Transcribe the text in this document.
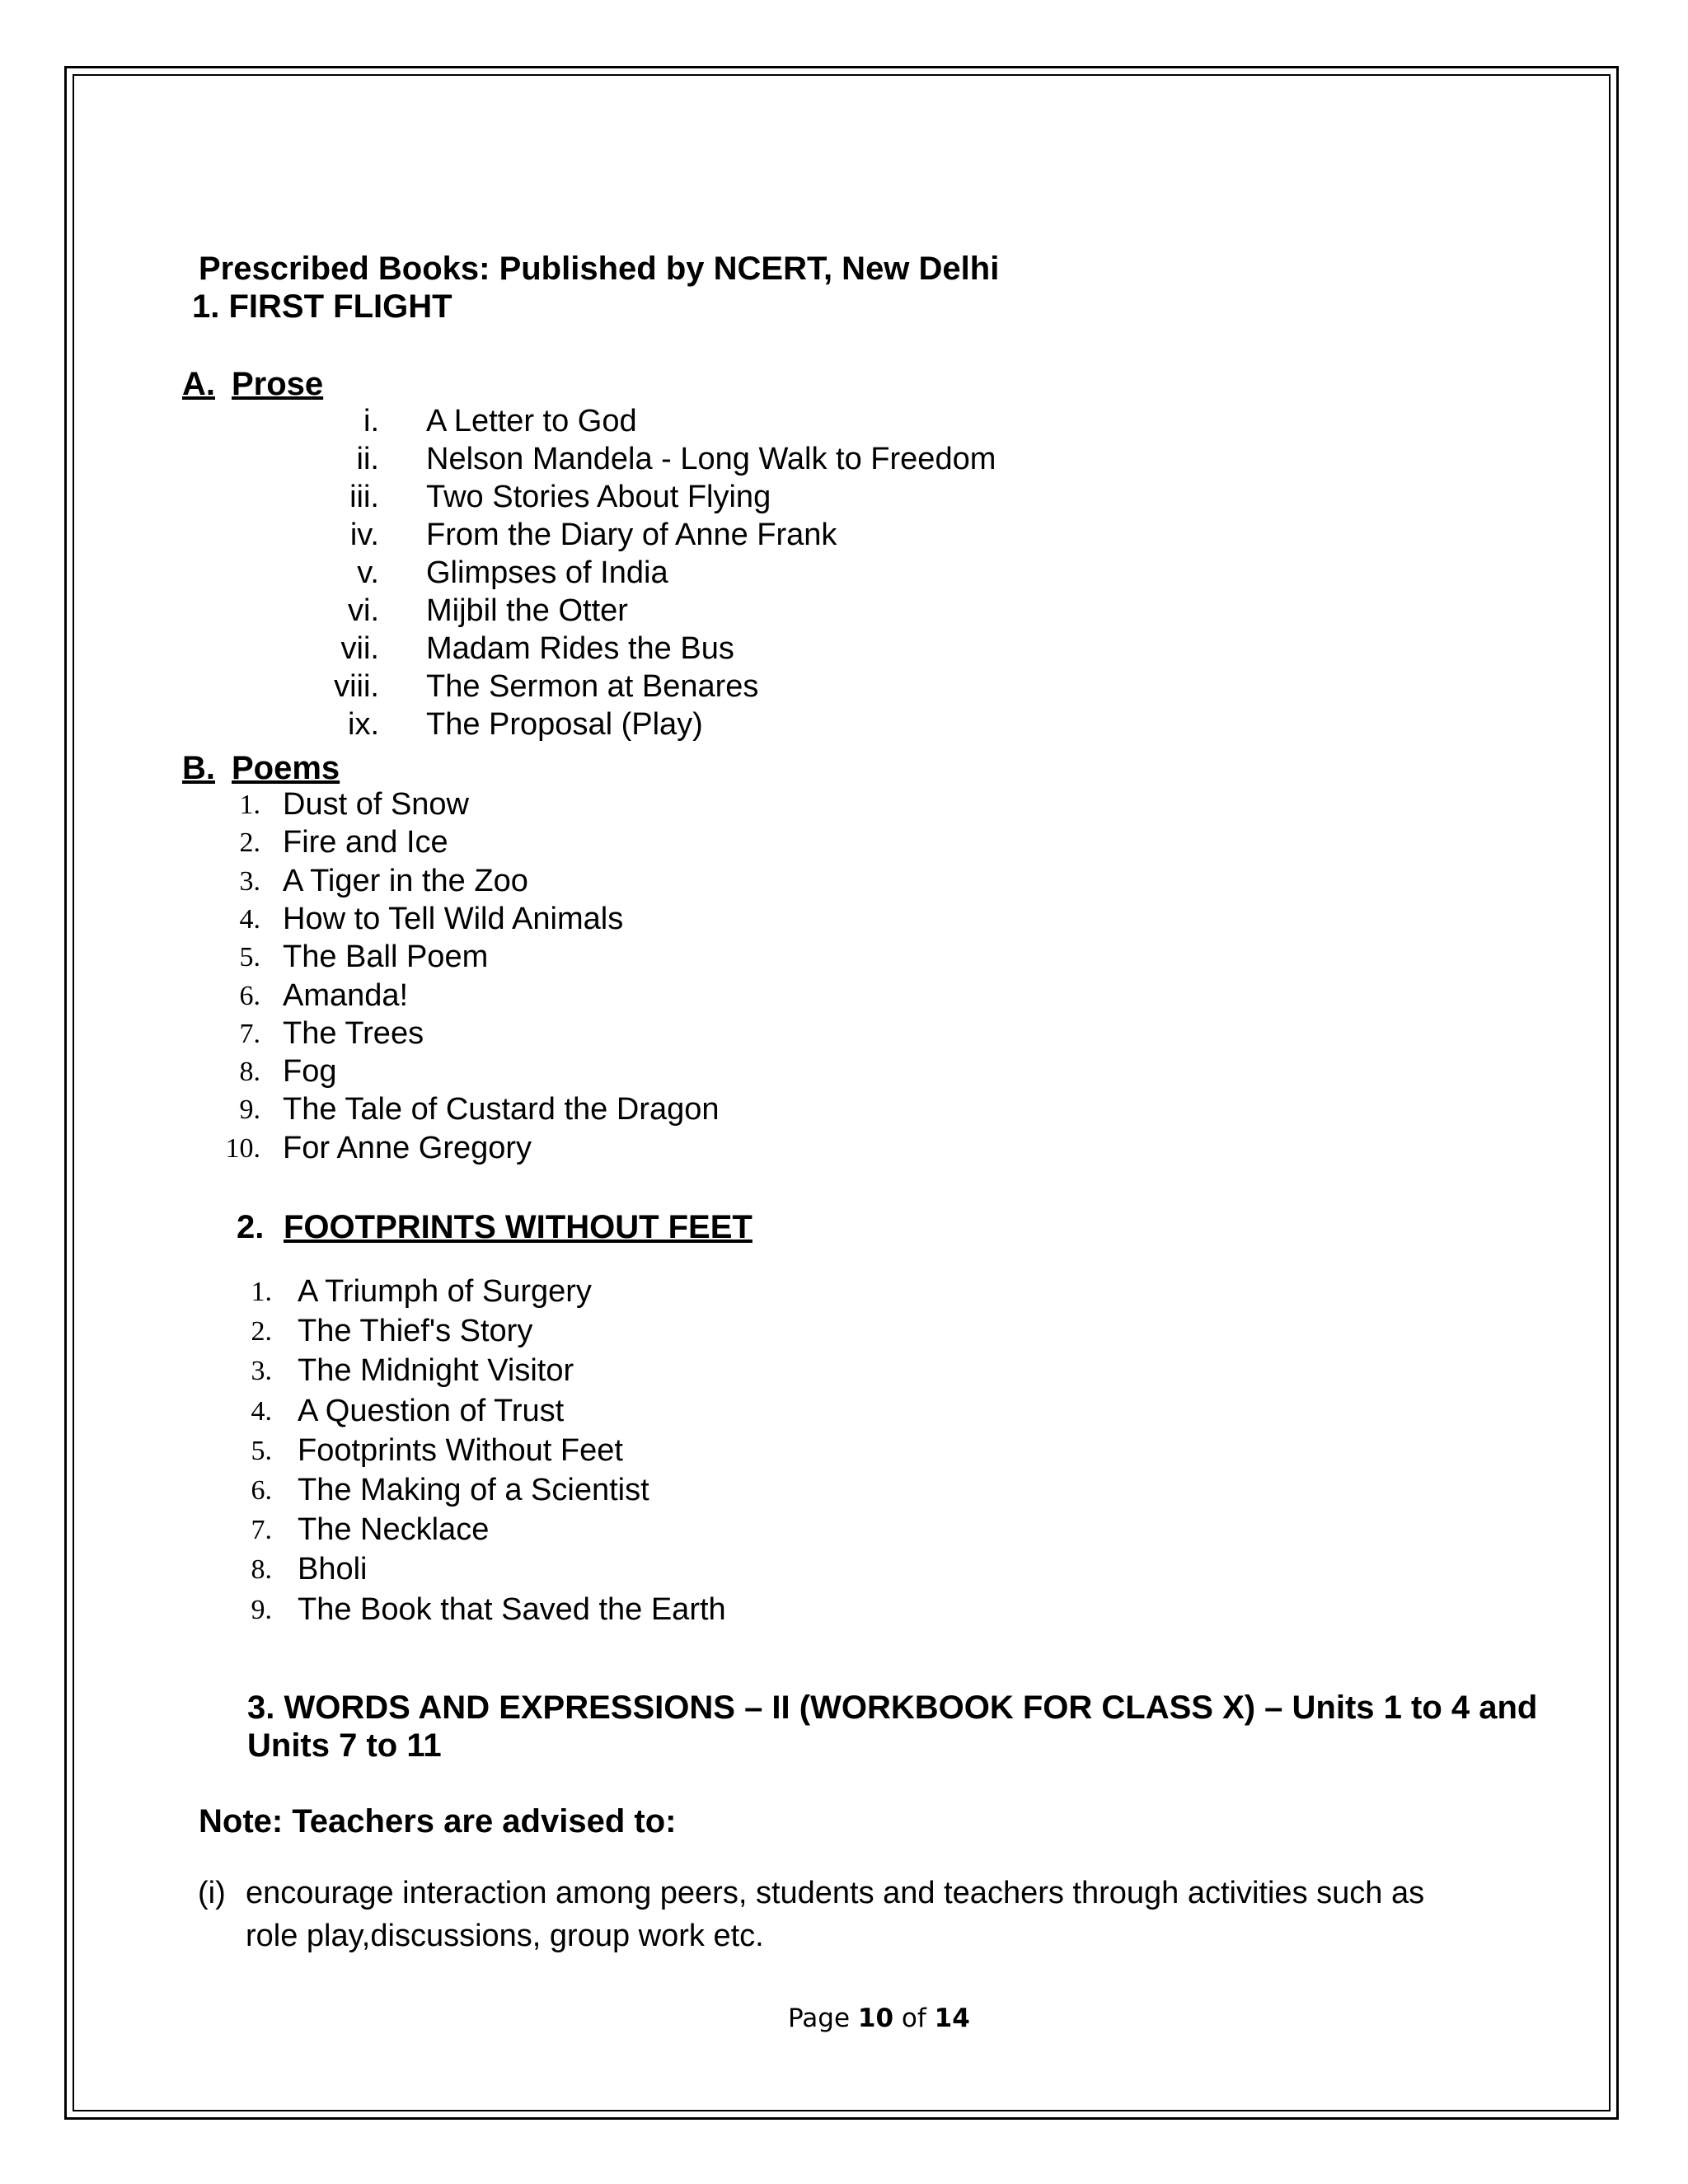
Prescribed Books: Published by NCERT, New Delhi
1. FIRST FLIGHT
A. Prose
i. A Letter to God
ii. Nelson Mandela - Long Walk to Freedom
iii. Two Stories About Flying
iv. From the Diary of Anne Frank
v. Glimpses of India
vi. Mijbil the Otter
vii. Madam Rides the Bus
viii. The Sermon at Benares
ix. The Proposal (Play)
B. Poems
1. Dust of Snow
2. Fire and Ice
3. A Tiger in the Zoo
4. How to Tell Wild Animals
5. The Ball Poem
6. Amanda!
7. The Trees
8. Fog
9. The Tale of Custard the Dragon
10. For Anne Gregory
2. FOOTPRINTS WITHOUT FEET
1. A Triumph of Surgery
2. The Thief's Story
3. The Midnight Visitor
4. A Question of Trust
5. Footprints Without Feet
6. The Making of a Scientist
7. The Necklace
8. Bholi
9. The Book that Saved the Earth
3. WORDS AND EXPRESSIONS – II (WORKBOOK FOR CLASS X) – Units 1 to 4 and
Units 7 to 11
Note: Teachers are advised to:
(i) encourage interaction among peers, students and teachers through activities such as
role play,discussions, group work etc.
Page 10 of 14
